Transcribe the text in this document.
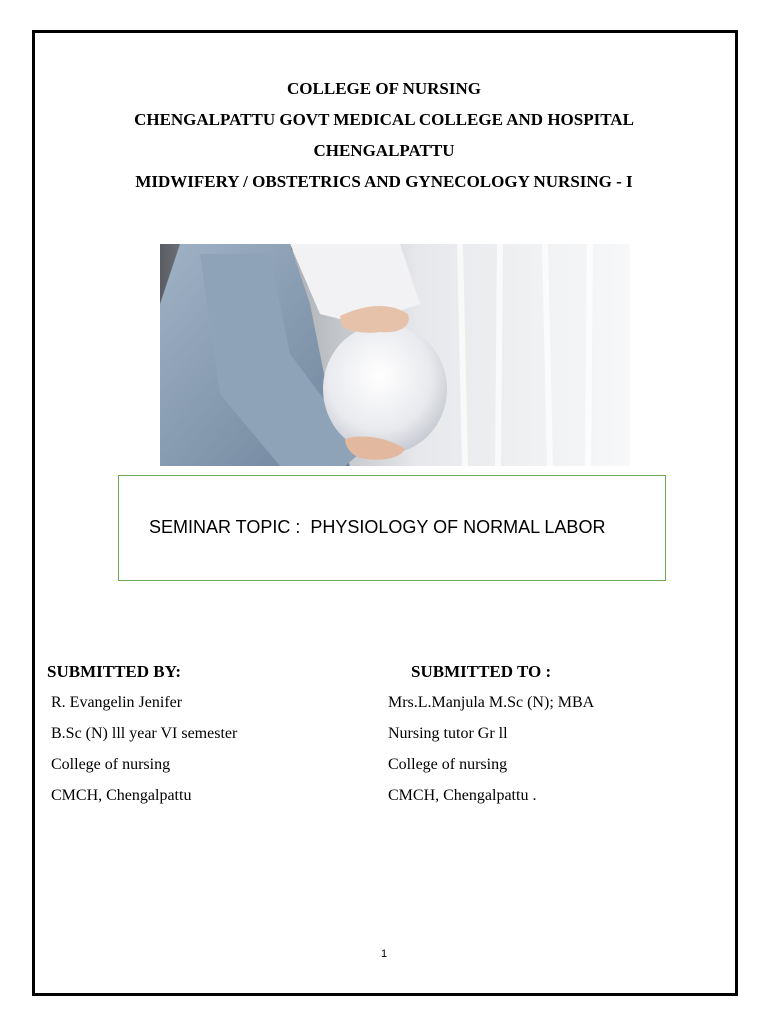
COLLEGE OF NURSING
CHENGALPATTU GOVT MEDICAL COLLEGE AND HOSPITAL
CHENGALPATTU
MIDWIFERY / OBSTETRICS AND GYNECOLOGY NURSING - I
SEMINAR TOPIC :  PHYSIOLOGY OF NORMAL LABOR
SUBMITTED BY:	SUBMITTED TO :
R. Evangelin Jenifer
B.Sc (N) lll year VI semester
College of nursing
CMCH, Chengalpattu
Mrs.L.Manjula M.Sc (N); MBA
Nursing tutor Gr ll
College of nursing
CMCH, Chengalpattu .
1
